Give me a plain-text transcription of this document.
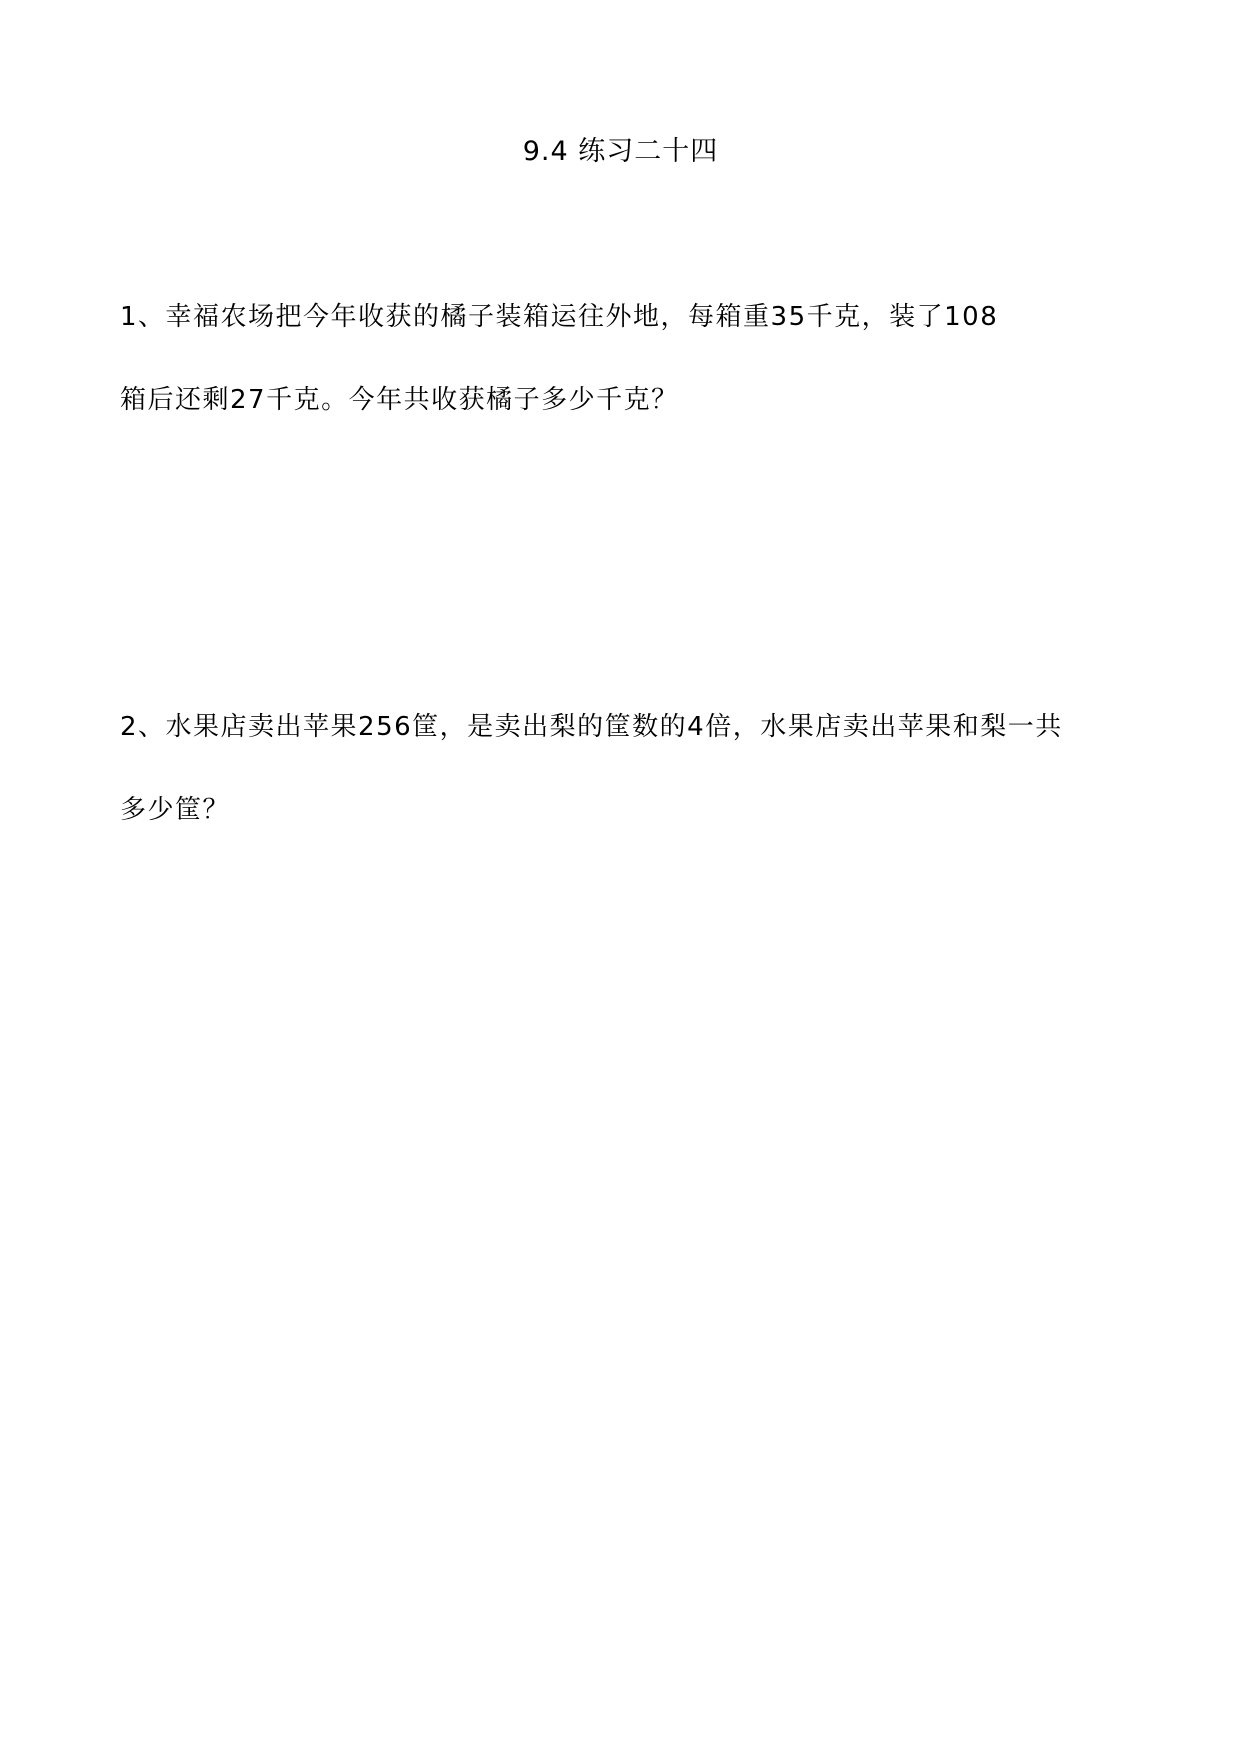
9.4 练习二十四
1、幸福农场把今年收获的橘子装箱运往外地，每箱重35千克，装了108
箱后还剩27千克。今年共收获橘子多少千克？
2、水果店卖出苹果256筐，是卖出梨的筐数的4倍，水果店卖出苹果和梨一共
多少筐？
